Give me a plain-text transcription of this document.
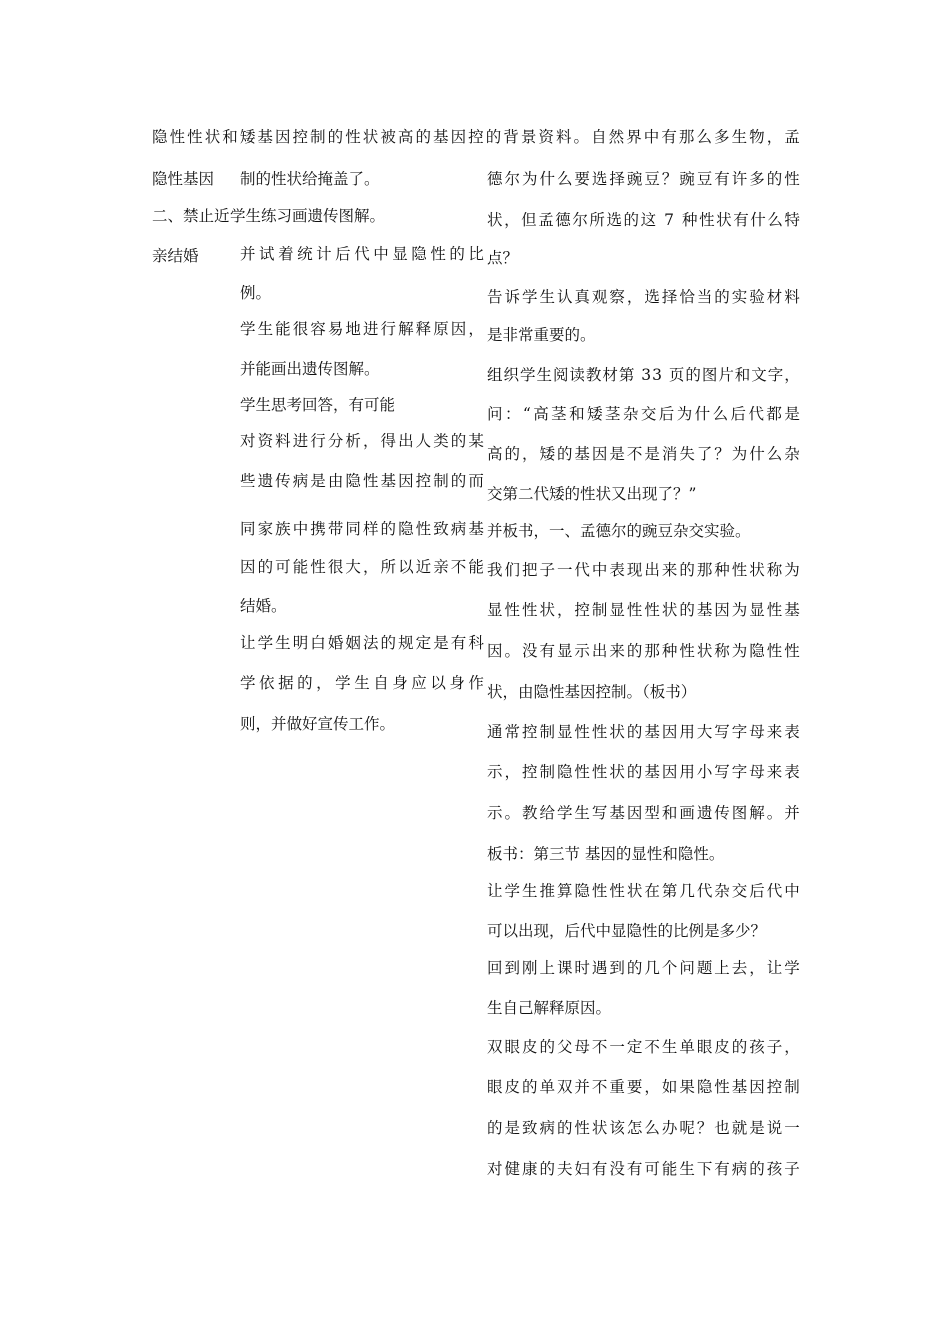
隐 性 性 状 和 矮 基 因 控 制 的 性 状 被 高 的 基 因 控 的 背 景 资 料 。 自 然 界 中 有 那 么 多 生 物 ， 孟
隐性基因
二、禁止近
亲结婚
制的性状给掩盖了。
学生练习画遗传图解。
并 试 着 统 计 后 代 中 显 隐 性 的 比
例。
学 生 能 很 容 易 地 进 行 解 释 原 因 ，
并能画出遗传图解。
学生思考回答，有可能
对 资 料 进 行 分 析 ， 得 出 人 类 的 某
些 遗 传 病 是 由 隐 性 基 因 控 制 的 而
同 家 族 中 携 带 同 样 的 隐 性 致 病 基
因 的 可 能 性 很 大 ， 所 以 近 亲 不 能
结婚。
让 学 生 明 白 婚 姻 法 的 规 定 是 有 科
学 依 据 的 ， 学 生 自 身 应 以 身 作
则，并做好宣传工作。
德 尔 为 什 么 要 选 择 豌 豆 ？ 豌 豆 有 许 多 的 性
状 ， 但 孟 德 尔 所 选 的 这
7
种 性 状 有 什 么 特
点？
告 诉 学 生 认 真 观 察 ， 选 择 恰 当 的 实 验 材 料
是非常重要的。
组 织 学 生 阅 读 教 材 第
3 3
页 的 图 片 和 文 字 ，
问 ： “ 高 茎 和 矮 茎 杂 交 后 为 什 么 后 代 都 是
高 的 ， 矮 的 基 因 是 不 是 消 失 了 ？ 为 什 么 杂
交第二代矮的性状又出现了？”
并板书，一、孟德尔的豌豆杂交实验。
我 们 把 子 一 代 中 表 现 出 来 的 那 种 性 状 称 为
显 性 性 状 ， 控 制 显 性 性 状 的 基 因 为 显 性 基
因 。 没 有 显 示 出 来 的 那 种 性 状 称 为 隐 性 性
状，由隐性基因控制。（板书）
通 常 控 制 显 性 性 状 的 基 因 用 大 写 字 母 来 表
示 ， 控 制 隐 性 性 状 的 基 因 用 小 写 字 母 来 表
示 。 教 给 学 生 写 基 因 型 和 画 遗 传 图 解 。 并
板书：第三节 基因的显性和隐性。
让 学 生 推 算 隐 性 性 状 在 第 几 代 杂 交 后 代 中
可以出现，后代中显隐性的比例是多少？
回 到 刚 上 课 时 遇 到 的 几 个 问 题 上 去 ， 让 学
生自己解释原因。
双 眼 皮 的 父 母 不 一 定 不 生 单 眼 皮 的 孩 子 ，
眼 皮 的 单 双 并 不 重 要 ， 如 果 隐 性 基 因 控 制
的 是 致 病 的 性 状 该 怎 么 办 呢 ？ 也 就 是 说 一
对 健 康 的 夫 妇 有 没 有 可 能 生 下 有 病 的 孩 子
